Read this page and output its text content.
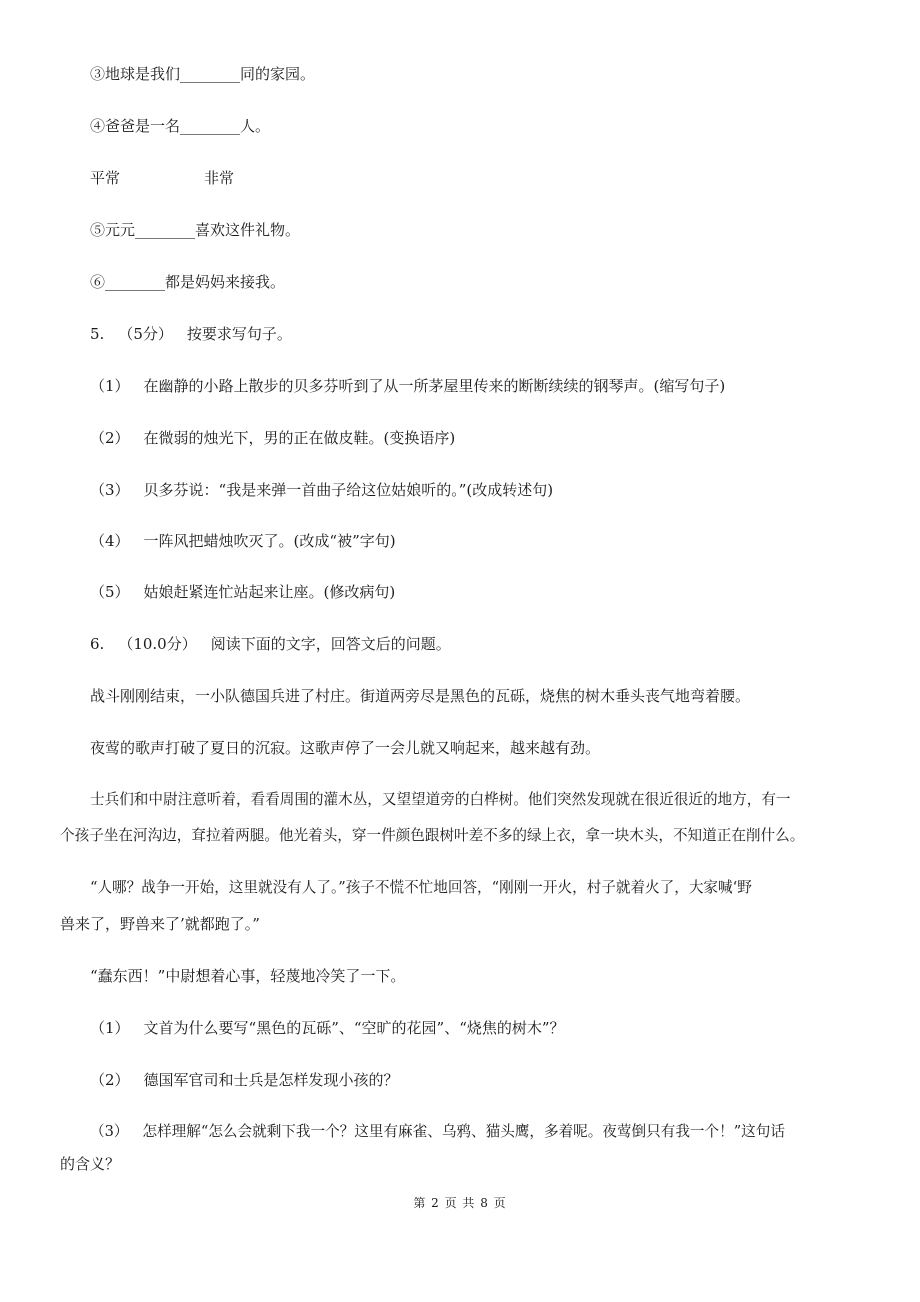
③地球是我们________同的家园。
④爸爸是一名________人。
平常	非常
⑤元元________喜欢这件礼物。
⑥________都是妈妈来接我。
5. （5分） 按要求写句子。
（1） 在幽静的小路上散步的贝多芬听到了从一所茅屋里传来的断断续续的钢琴声。(缩写句子)
（2） 在微弱的烛光下，男的正在做皮鞋。(变换语序)
（3） 贝多芬说：“我是来弹一首曲子给这位姑娘听的。”(改成转述句)
（4） 一阵风把蜡烛吹灭了。(改成“被”字句)
（5） 姑娘赶紧连忙站起来让座。(修改病句)
6. （10.0分） 阅读下面的文字，回答文后的问题。
战斗刚刚结束，一小队德国兵进了村庄。街道两旁尽是黑色的瓦砾，烧焦的树木垂头丧气地弯着腰。
夜莺的歌声打破了夏日的沉寂。这歌声停了一会儿就又响起来，越来越有劲。
士兵们和中尉注意听着，看看周围的灌木丛，又望望道旁的白桦树。他们突然发现就在很近很近的地方，有一
个孩子坐在河沟边，耷拉着两腿。他光着头，穿一件颜色跟树叶差不多的绿上衣，拿一块木头，不知道正在削什么。
“人哪？战争一开始，这里就没有人了。”孩子不慌不忙地回答，“刚刚一开火，村子就着火了，大家喊‘野
兽来了，野兽来了’就都跑了。”
“蠢东西！”中尉想着心事，轻蔑地冷笑了一下。
（1） 文首为什么要写“黑色的瓦砾”、“空旷的花园”、“烧焦的树木”？
（2） 德国军官司和士兵是怎样发现小孩的？
（3） 怎样理解“怎么会就剩下我一个？这里有麻雀、乌鸦、猫头鹰，多着呢。夜莺倒只有我一个！”这句话
的含义？
第 2 页 共 8 页
